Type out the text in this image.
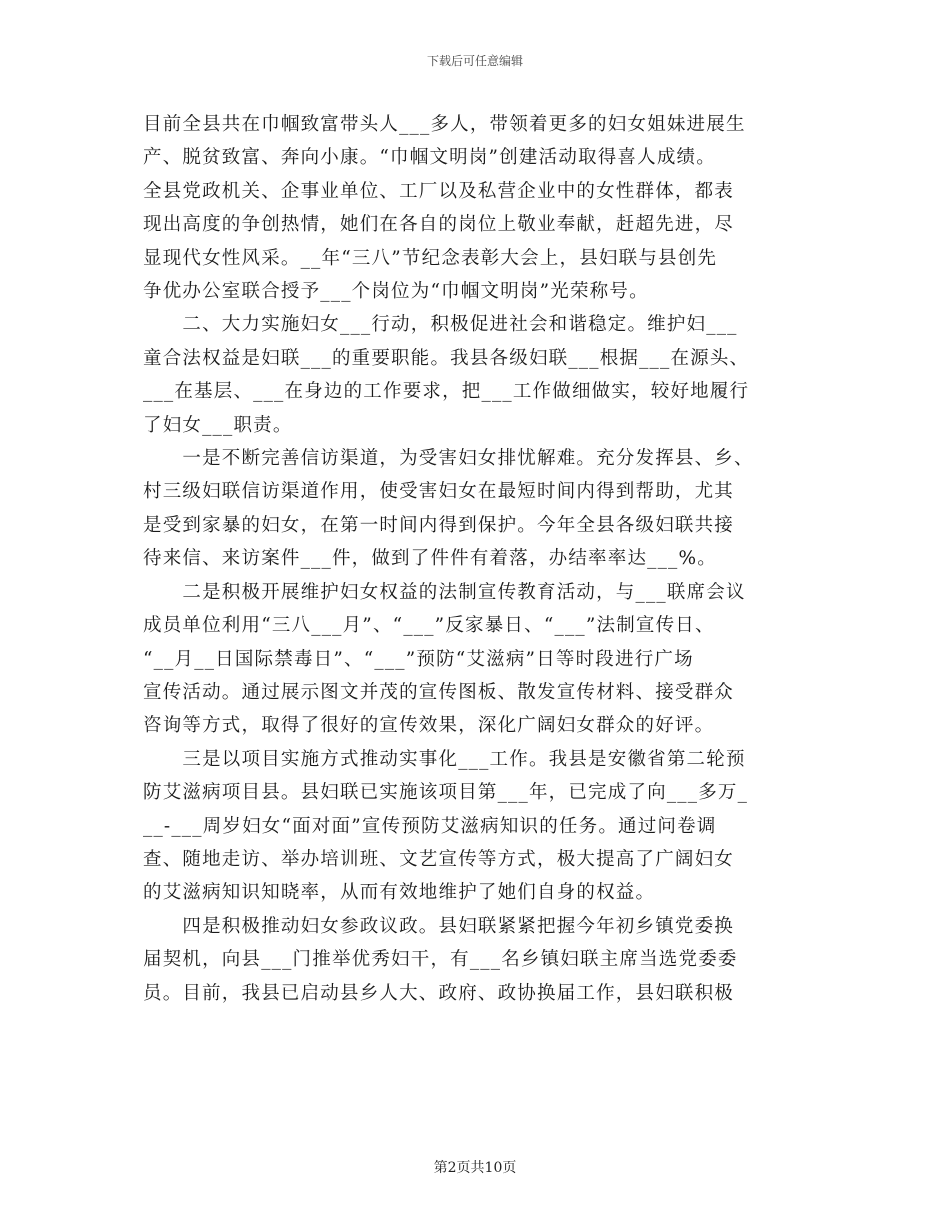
下载后可任意编辑

目前全县共在巾帼致富带头人___多人，带领着更多的妇女姐妹进展生
产、脱贫致富、奔向小康。“巾帼文明岗”创建活动取得喜人成绩。
全县党政机关、企事业单位、工厂以及私营企业中的女性群体，都表
现出高度的争创热情，她们在各自的岗位上敬业奉献，赶超先进，尽
显现代女性风采。__年“三八”节纪念表彰大会上，县妇联与县创先
争优办公室联合授予___个岗位为“巾帼文明岗”光荣称号。

　　二、大力实施妇女___行动，积极促进社会和谐稳定。维护妇___
童合法权益是妇联___的重要职能。我县各级妇联___根据___在源头、
___在基层、___在身边的工作要求，把___工作做细做实，较好地履行
了妇女___职责。

　　一是不断完善信访渠道，为受害妇女排忧解难。充分发挥县、乡、
村三级妇联信访渠道作用，使受害妇女在最短时间内得到帮助，尤其
是受到家暴的妇女，在第一时间内得到保护。今年全县各级妇联共接
待来信、来访案件___件，做到了件件有着落，办结率率达___%。

　　二是积极开展维护妇女权益的法制宣传教育活动，与___联席会议
成员单位利用“三八___月”、“___”反家暴日、“___”法制宣传日、
“__月__日国际禁毒日”、“___”预防“艾滋病”日等时段进行广场
宣传活动。通过展示图文并茂的宣传图板、散发宣传材料、接受群众
咨询等方式，取得了很好的宣传效果，深化广阔妇女群众的好评。

　　三是以项目实施方式推动实事化___工作。我县是安徽省第二轮预
防艾滋病项目县。县妇联已实施该项目第___年，已完成了向___多万_
__-___周岁妇女“面对面”宣传预防艾滋病知识的任务。通过问卷调
查、随地走访、举办培训班、文艺宣传等方式，极大提高了广阔妇女
的艾滋病知识知晓率，从而有效地维护了她们自身的权益。

　　四是积极推动妇女参政议政。县妇联紧紧把握今年初乡镇党委换
届契机，向县___门推举优秀妇干，有___名乡镇妇联主席当选党委委
员。目前，我县已启动县乡人大、政府、政协换届工作，县妇联积极

第2页共10页
